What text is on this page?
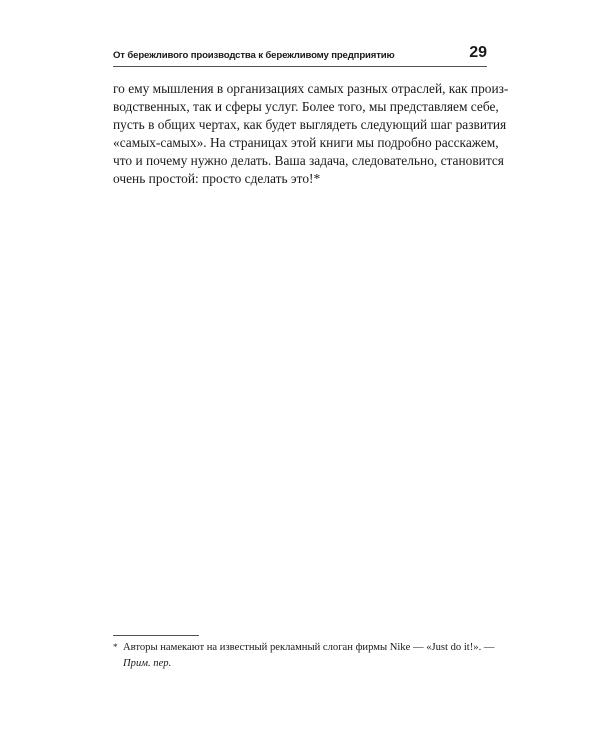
От бережливого производства к бережливому предприятию	29
го ему мышления в организациях самых разных отраслей, как произ-
водственных, так и сферы услуг. Более того, мы представляем себе,
пусть в общих чертах, как будет выглядеть следующий шаг развития
«самых-самых». На страницах этой книги мы подробно расскажем,
что и почему нужно делать. Ваша задача, следовательно, становится
очень простой: просто сделать это!*
* Авторы намекают на известный рекламный слоган фирмы Nike — «Just do it!». —
Прим. пер.
